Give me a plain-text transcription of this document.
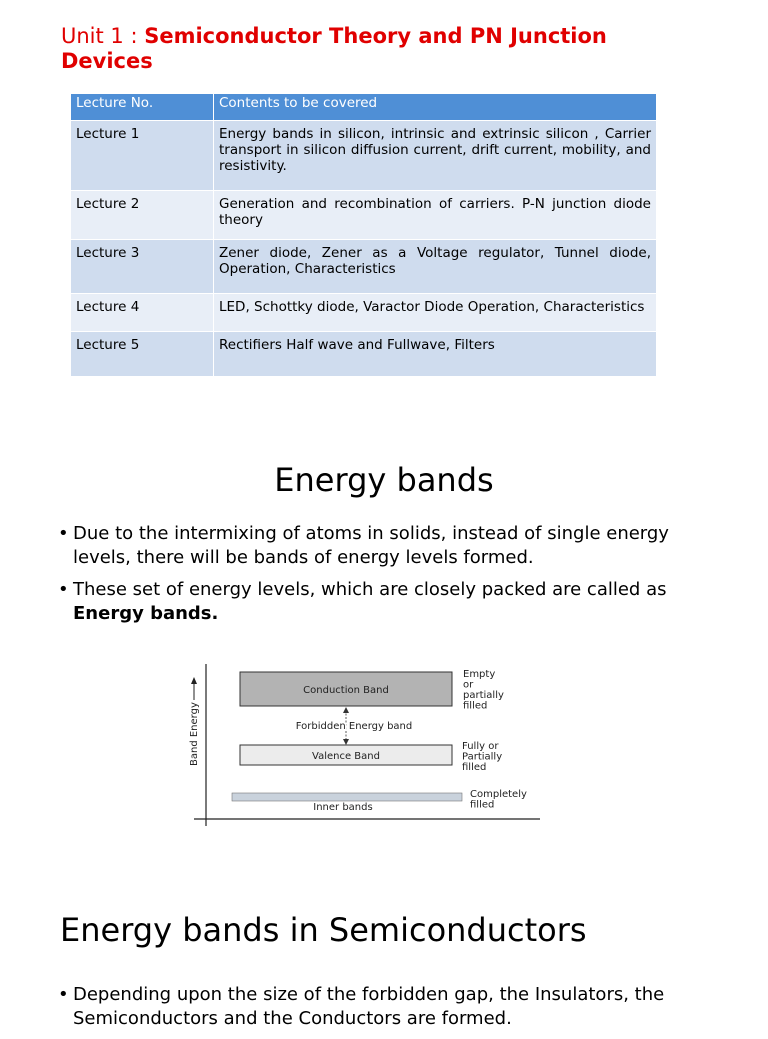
Unit 1 : Semiconductor Theory and PN Junction Devices
Lecture No.	Contents to be covered
Lecture 1	Energy bands in silicon, intrinsic and extrinsic silicon , Carrier transport in silicon diffusion current, drift current, mobility, and resistivity.
Lecture 2	Generation and recombination of carriers. P-N junction diode theory
Lecture 3	Zener diode, Zener as a Voltage regulator, Tunnel diode, Operation, Characteristics
Lecture 4	LED, Schottky diode, Varactor Diode Operation, Characteristics
Lecture 5	Rectifiers Half wave and Fullwave, Filters
Energy bands
• Due to the intermixing of atoms in solids, instead of single energy levels, there will be bands of energy levels formed.
• These set of energy levels, which are closely packed are called as Energy bands.
Band Energy
Conduction Band
Forbidden Energy band
Valence Band
Inner bands
Empty or partially filled
Fully or Partially filled
Completely filled
Energy bands in Semiconductors
• Depending upon the size of the forbidden gap, the Insulators, the Semiconductors and the Conductors are formed.
